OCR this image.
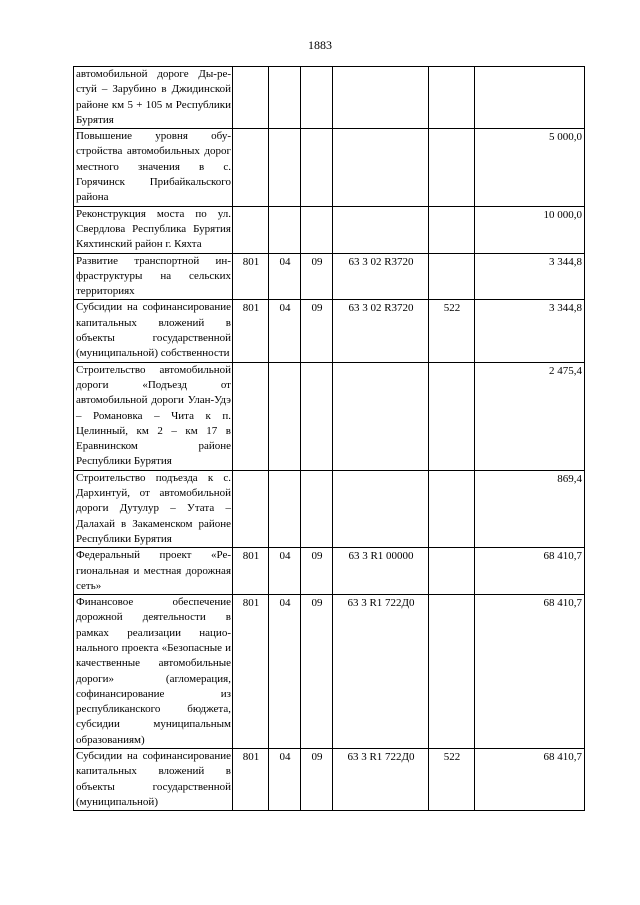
1883
автомобильной дороге Ды-рестуй – Зарубино в Джидинской районе км 5 + 105 м Республики Бурятия						
Повышение уровня обустройства автомобильных дорог местного значения в с. Горячинск Прибайкальского района						5 000,0
Реконструкция моста по ул. Свердлова Республика Бурятия Кяхтинский район г. Кяхта						10 000,0
Развитие транспортной инфраструктуры на сельских территориях	801	04	09	63 3 02 R3720		3 344,8
Субсидии на софинансирование капитальных вложений в объекты государственной (муниципальной) собственности	801	04	09	63 3 02 R3720	522	3 344,8
Строительство автомобильной дороги «Подъезд от автомобильной дороги Улан-Удэ – Романовка – Чита к п. Целинный, км 2 – км 17 в Еравнинском районе Республики Бурятия						2 475,4
Строительство подъезда к с. Дархинтуй, от автомобильной дороги Дутулур – Утата – Далахай в Закаменском районе Республики Бурятия						869,4
Федеральный проект «Региональная и местная дорожная сеть»	801	04	09	63 3 R1 00000		68 410,7
Финансовое обеспечение дорожной деятельности в рамках реализации национального проекта «Безопасные и качественные автомобильные дороги» (агломерация, софинансирование из республиканского бюджета, субсидии муниципальным образованиям)	801	04	09	63 3 R1 722Д0		68 410,7
Субсидии на софинансирование капитальных вложений в объекты государственной (муниципальной)	801	04	09	63 3 R1 722Д0	522	68 410,7
